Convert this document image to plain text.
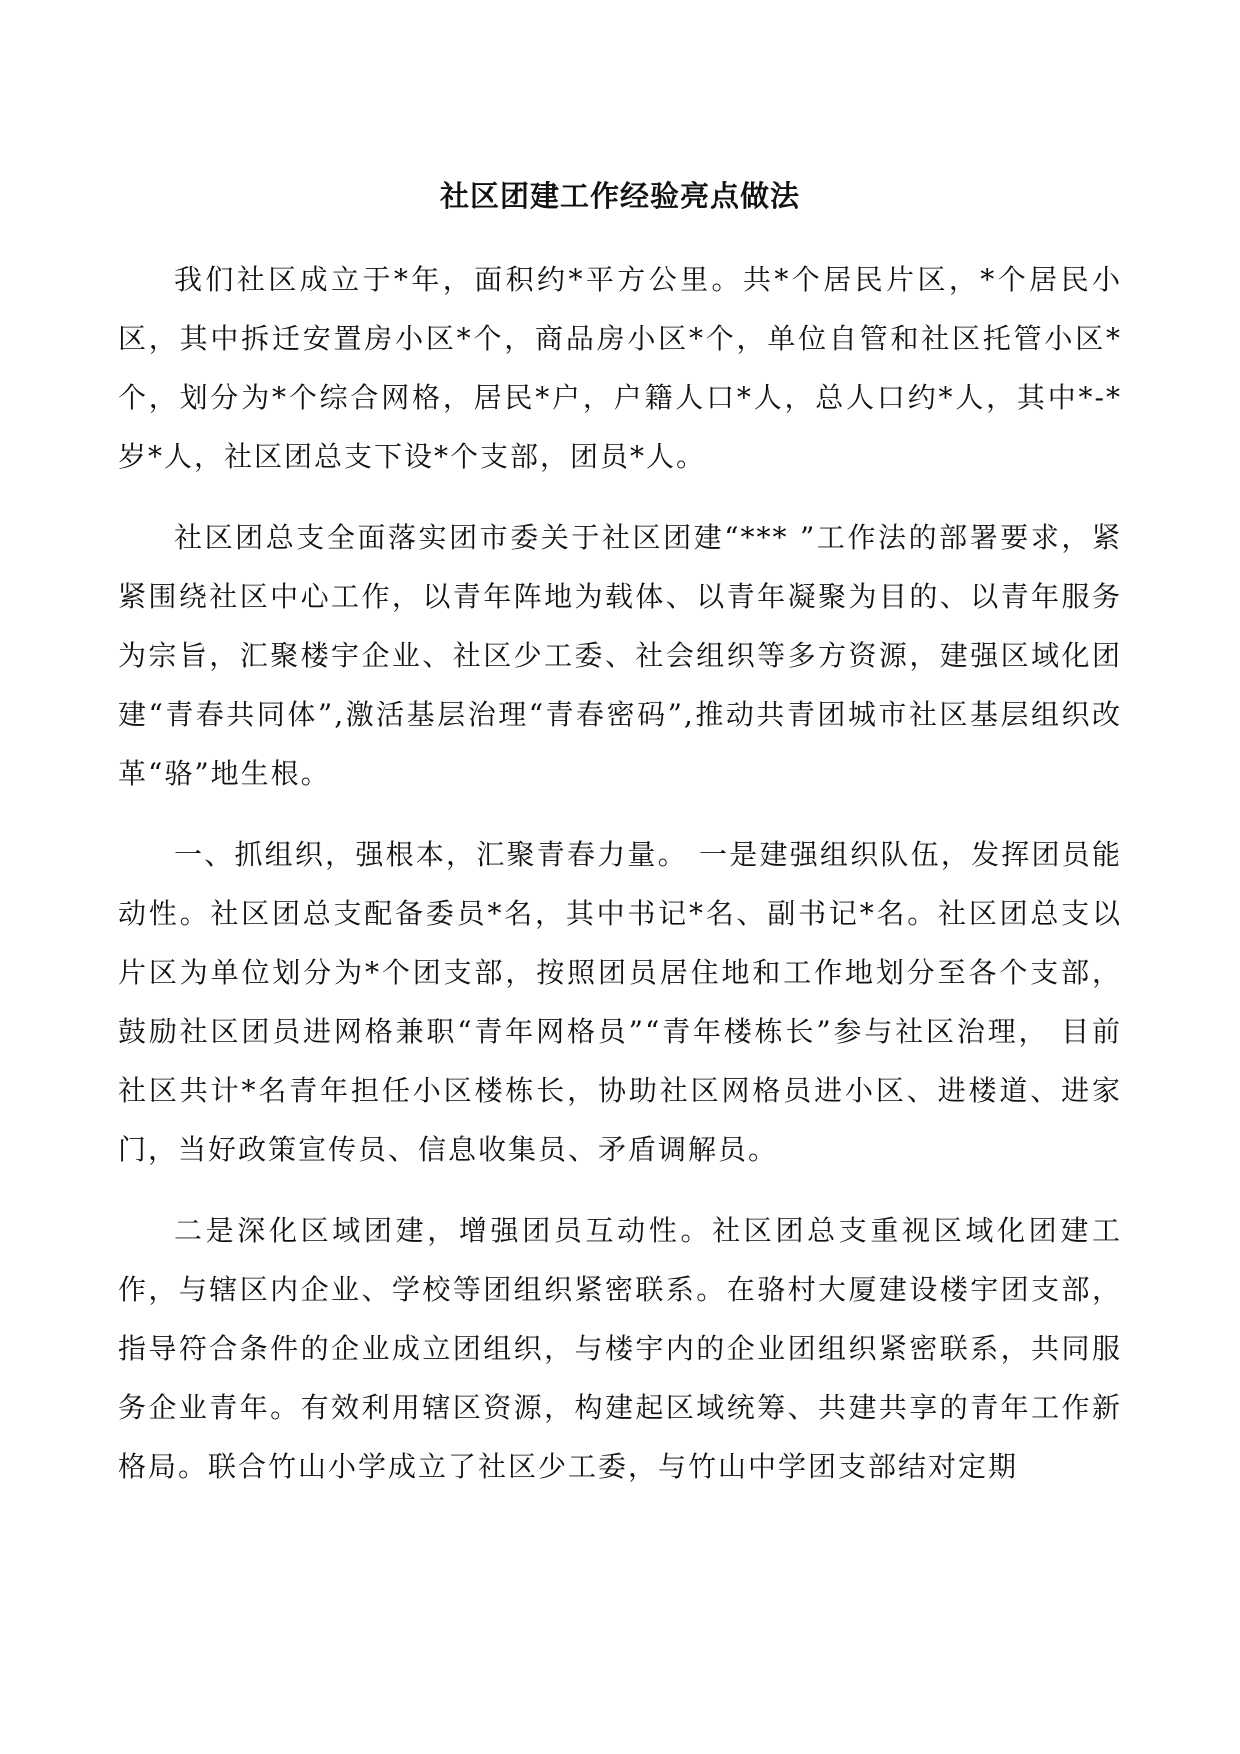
社区团建工作经验亮点做法

我们社区成立于*年，面积约*平方公里。共*个居民片区，*个居民小区，其中拆迁安置房小区*个，商品房小区*个，单位自管和社区托管小区*个，划分为*个综合网格，居民*户，户籍人口*人，总人口约*人，其中*-*岁*人，社区团总支下设*个支部，团员*人。

社区团总支全面落实团市委关于社区团建“*** ”工作法的部署要求，紧紧围绕社区中心工作，以青年阵地为载体、以青年凝聚为目的、以青年服务为宗旨，汇聚楼宇企业、社区少工委、社会组织等多方资源，建强区域化团建“青春共同体”,激活基层治理“青春密码”,推动共青团城市社区基层组织改革“骆”地生根。

一、抓组织，强根本，汇聚青春力量。 一是建强组织队伍，发挥团员能动性。社区团总支配备委员*名，其中书记*名、副书记*名。社区团总支以片区为单位划分为*个团支部，按照团员居住地和工作地划分至各个支部，鼓励社区团员进网格兼职“青年网格员”“青年楼栋长”参与社区治理， 目前社区共计*名青年担任小区楼栋长，协助社区网格员进小区、进楼道、进家门，当好政策宣传员、信息收集员、矛盾调解员。

二是深化区域团建，增强团员互动性。社区团总支重视区域化团建工作，与辖区内企业、学校等团组织紧密联系。在骆村大厦建设楼宇团支部，指导符合条件的企业成立团组织，与楼宇内的企业团组织紧密联系，共同服务企业青年。有效利用辖区资源，构建起区域统筹、共建共享的青年工作新格局。联合竹山小学成立了社区少工委，与竹山中学团支部结对定期
